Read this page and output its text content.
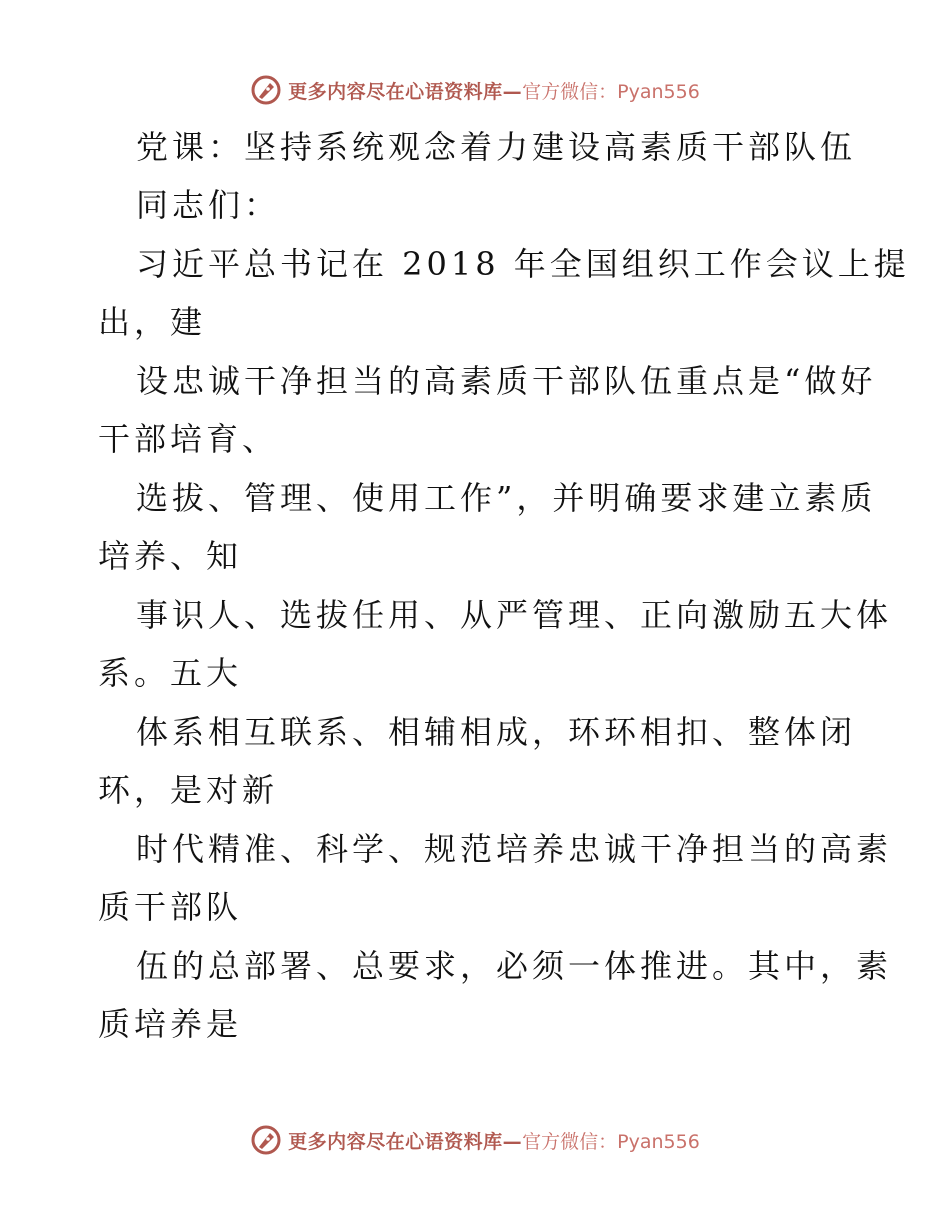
更多内容尽在心语资料库— 官方微信：Pyan556
党课：坚持系统观念着力建设高素质干部队伍
同志们：
习近平总书记在 2018 年全国组织工作会议上提
出，建
设忠诚干净担当的高素质干部队伍重点是“做好
干部培育、
选拔、管理、使用工作”，并明确要求建立素质
培养、知
事识人、选拔任用、从严管理、正向激励五大体
系。五大
体系相互联系、相辅相成，环环相扣、整体闭
环，是对新
时代精准、科学、规范培养忠诚干净担当的高素
质干部队
伍的总部署、总要求，必须一体推进。其中，素
质培养是
更多内容尽在心语资料库— 官方微信：Pyan556
